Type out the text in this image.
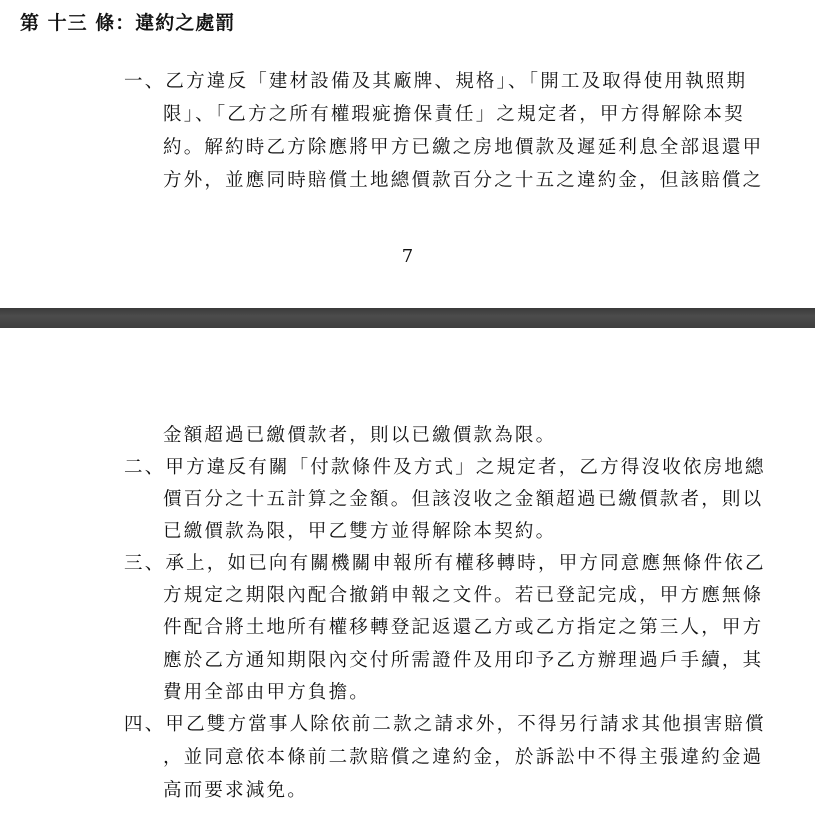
第 十三 條：違約之處罰
一、乙方違反「建材設備及其廠牌、規格」、「開工及取得使用執照期
限」、「乙方之所有權瑕疵擔保責任」之規定者，甲方得解除本契
約。解約時乙方除應將甲方已繳之房地價款及遲延利息全部退還甲
方外，並應同時賠償土地總價款百分之十五之違約金，但該賠償之
7
金額超過已繳價款者，則以已繳價款為限。
二、甲方違反有關「付款條件及方式」之規定者，乙方得沒收依房地總
價百分之十五計算之金額。但該沒收之金額超過已繳價款者，則以
已繳價款為限，甲乙雙方並得解除本契約。
三、承上，如已向有關機關申報所有權移轉時，甲方同意應無條件依乙
方規定之期限內配合撤銷申報之文件。若已登記完成，甲方應無條
件配合將土地所有權移轉登記返還乙方或乙方指定之第三人，甲方
應於乙方通知期限內交付所需證件及用印予乙方辦理過戶手續，其
費用全部由甲方負擔。
四、甲乙雙方當事人除依前二款之請求外，不得另行請求其他損害賠償
，並同意依本條前二款賠償之違約金，於訴訟中不得主張違約金過
高而要求減免。
